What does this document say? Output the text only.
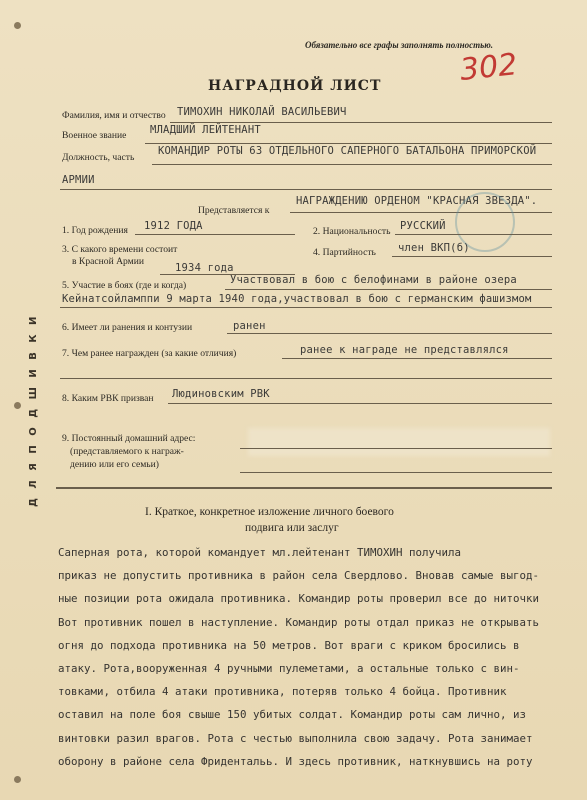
Д Л Я П О Д Ш И В К И
Обязательно все графы заполнять полностью.
302
НАГРАДНОЙ ЛИСТ
Фамилия, имя и отчество ТИМОХИН НИКОЛАЙ ВАСИЛЬЕВИЧ
Военное звание МЛАДШИЙ ЛЕЙТЕНАНТ
Должность, часть
КОМАНДИР РОТЫ 63 ОТДЕЛЬНОГО САПЕРНОГО БАТАЛЬОНА ПРИМОРСКОЙ
АРМИИ
Представляется к
НАГРАЖДЕНИЮ ОРДЕНОМ "КРАСНАЯ ЗВЕЗДА".
1. Год рождения 1912 ГОДА	2. Национальность РУССКИЙ
3. С какого времени состоит
в Красной Армии
1934 года
4. Партийность член ВКП(б)
5. Участие в боях (где и когда)	Участвовал в бою с белофинами в районе озера
Кейнатсойламппи 9 марта 1940 года,участвовал в бою с германским фашизмом
6. Имеет ли ранения и контузии	ранен
7. Чем ранее награжден (за какие отличия)	ранее к награде не представлялся
8. Каким РВК призван Людиновским РВК
9. Постоянный домашний адрес:
(представляемого к награж-
дению или его семьи)
I. Краткое, конкретное изложение личного боевого
подвига или заслуг
Саперная рота, которой командует мл.лейтенант ТИМОХИН получила
приказ не допустить противника в район села Свердлово. Вновав самые выгод-
ные позиции рота ожидала противника. Командир роты проверил все до ниточки
Вот противник пошел в наступление. Командир роты отдал приказ не открывать
огня до подхода противника на 50 метров. Вот враги с криком бросились в
атаку. Рота,вооруженная 4 ручными пулеметами, а остальные только с вин-
товками, отбила 4 атаки противника, потеряв только 4 бойца. Противник
оставил на поле боя свыше 150 убитых солдат. Командир роты сам лично, из
винтовки разил врагов. Рота с честью выполнила свою задачу. Рота занимает
оборону в районе села Фридентальь. И здесь противник, наткнувшись на роту
